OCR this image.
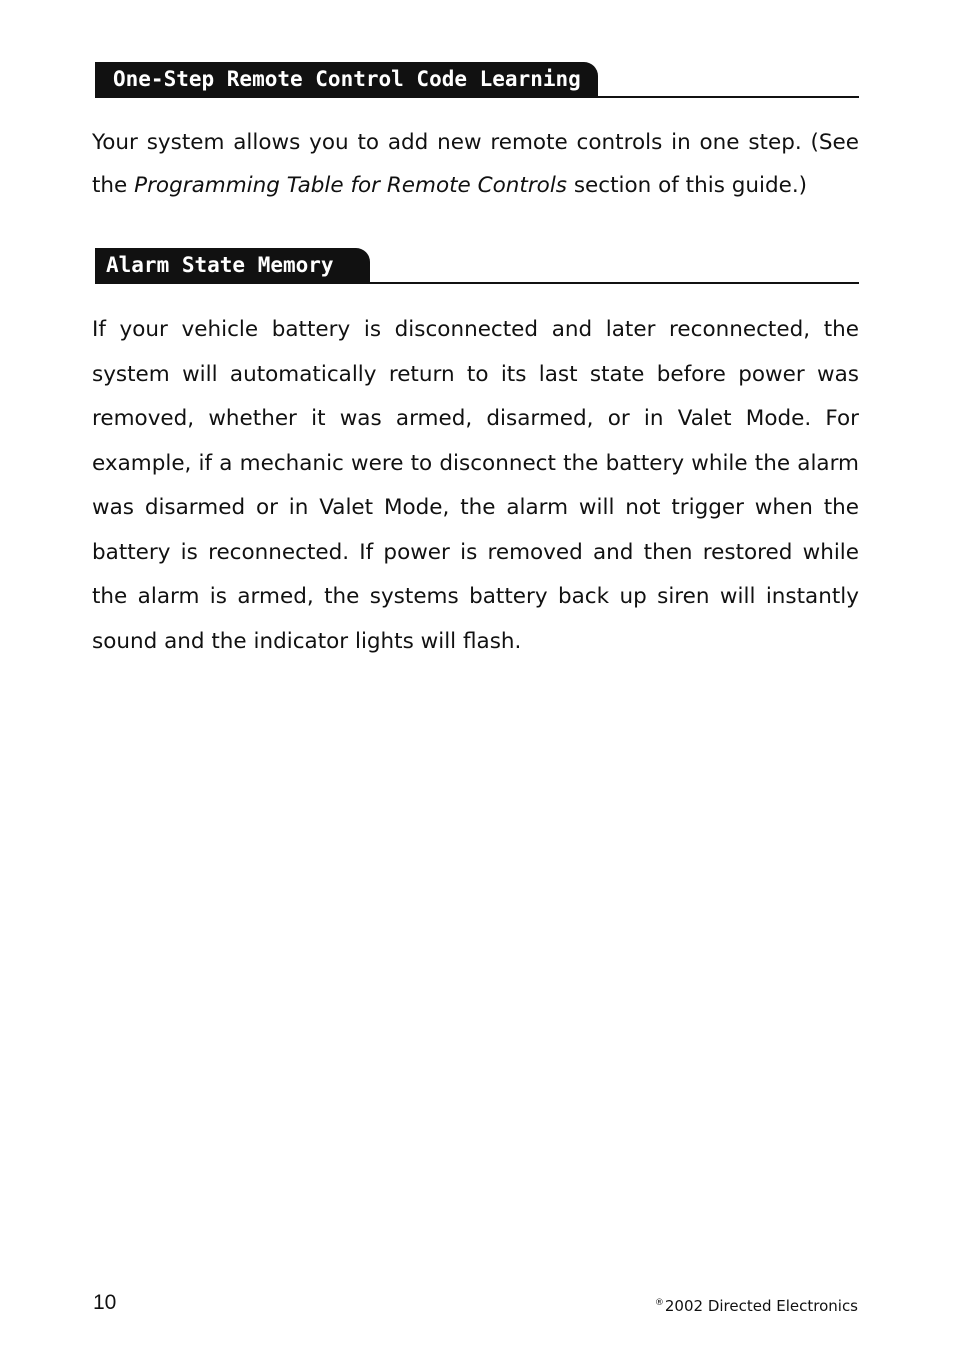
One-Step Remote Control Code Learning

Your system allows you to add new remote controls in one step. (See the Programming Table for Remote Controls section of this guide.)

Alarm State Memory

If your vehicle battery is disconnected and later reconnected, the system will automatically return to its last state before power was removed, whether it was armed, disarmed, or in Valet Mode. For example, if a mechanic were to disconnect the battery while the alarm was disarmed or in Valet Mode, the alarm will not trigger when the battery is reconnected. If power is removed and then restored while the alarm is armed, the systems battery back up siren will instantly sound and the indicator lights will flash.

10	®2002 Directed Electronics
